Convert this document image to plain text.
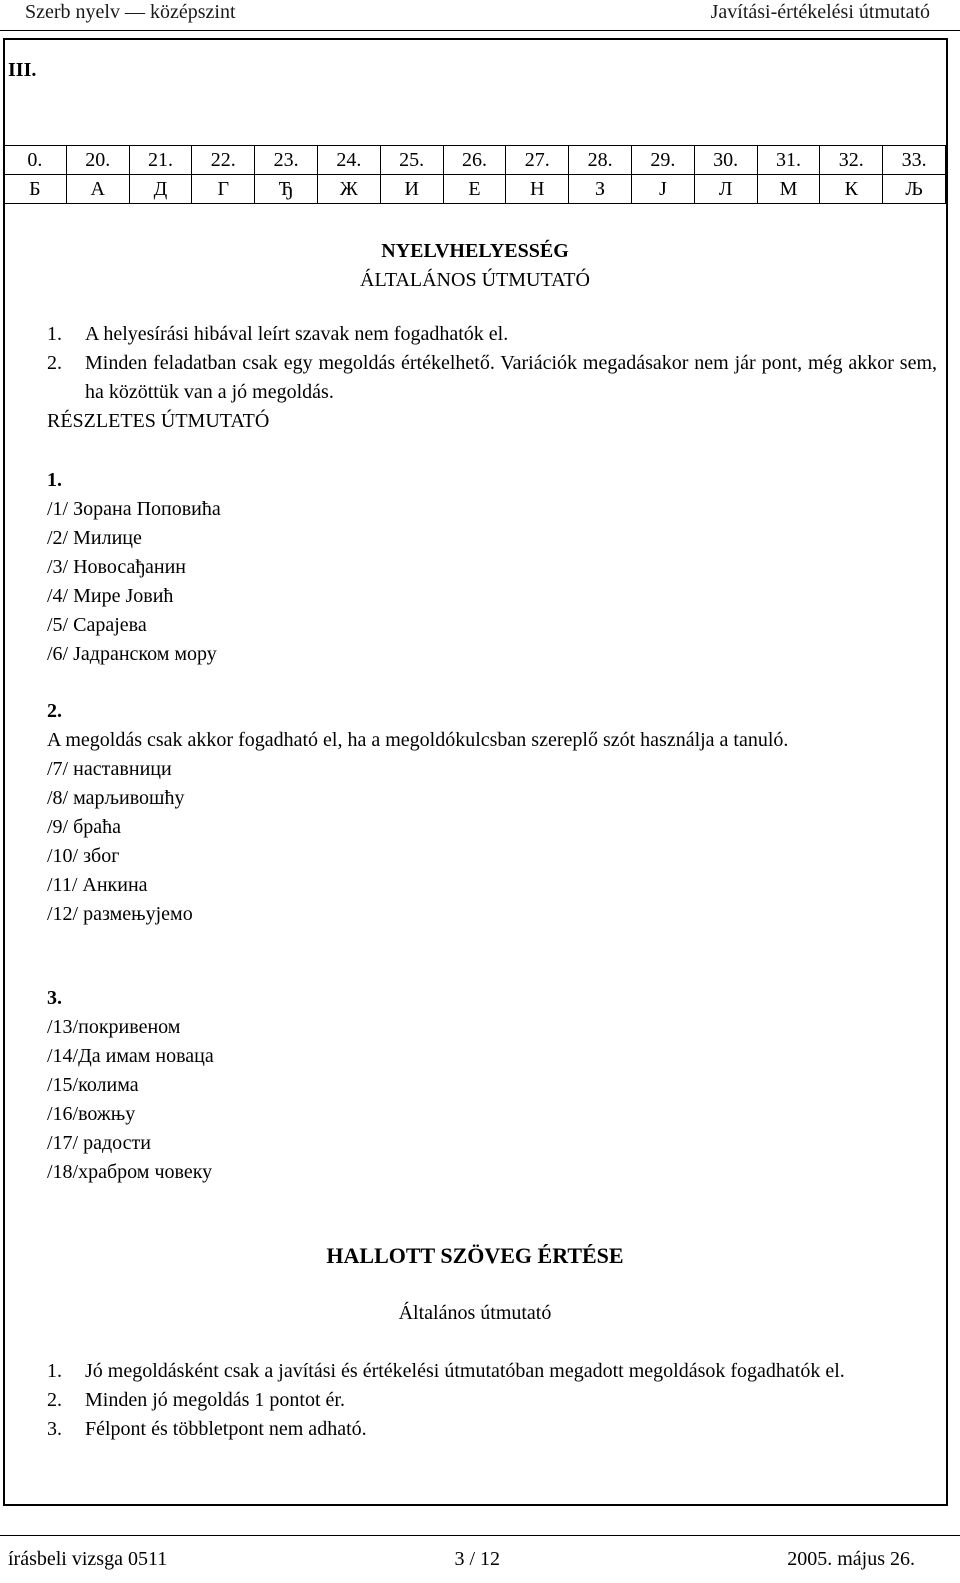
Szerb nyelv — középszint	Javítási-értékelési útmutató
III.
0.	20.	21.	22.	23.	24.	25.	26.	27.	28.	29.	30.	31.	32.	33.
Б	А	Д	Г	Ђ	Ж	И	Е	Н	З	Ј	Л	М	К	Љ
NYELVHELYESSÉG
ÁLTALÁNOS ÚTMUTATÓ
1. A helyesírási hibával leírt szavak nem fogadhatók el.
2. Minden feladatban csak egy megoldás értékelhető. Variációk megadásakor nem jár pont, még akkor sem, ha közöttük van a jó megoldás.
RÉSZLETES ÚTMUTATÓ
1.
/1/ Зорана Поповића
/2/ Милице
/3/ Новосађанин
/4/ Мире Јовић
/5/ Сарајева
/6/ Јадранском мору
2.
A megoldás csak akkor fogadható el, ha a megoldókulcsban szereplő szót használja a tanuló.
/7/ наставници
/8/ марљивошћу
/9/ браћа
/10/ због
/11/ Анкина
/12/ размењујемо
3.
/13/покривеном
/14/Да имам новаца
/15/колима
/16/вожњу
/17/ радости
/18/храбром човеку
HALLOTT SZÖVEG ÉRTÉSE
Általános útmutató
1. Jó megoldásként csak a javítási és értékelési útmutatóban megadott megoldások fogadhatók el.
2. Minden jó megoldás 1 pontot ér.
3. Félpont és többletpont nem adható.
írásbeli vizsga 0511	3 / 12	2005. május 26.
